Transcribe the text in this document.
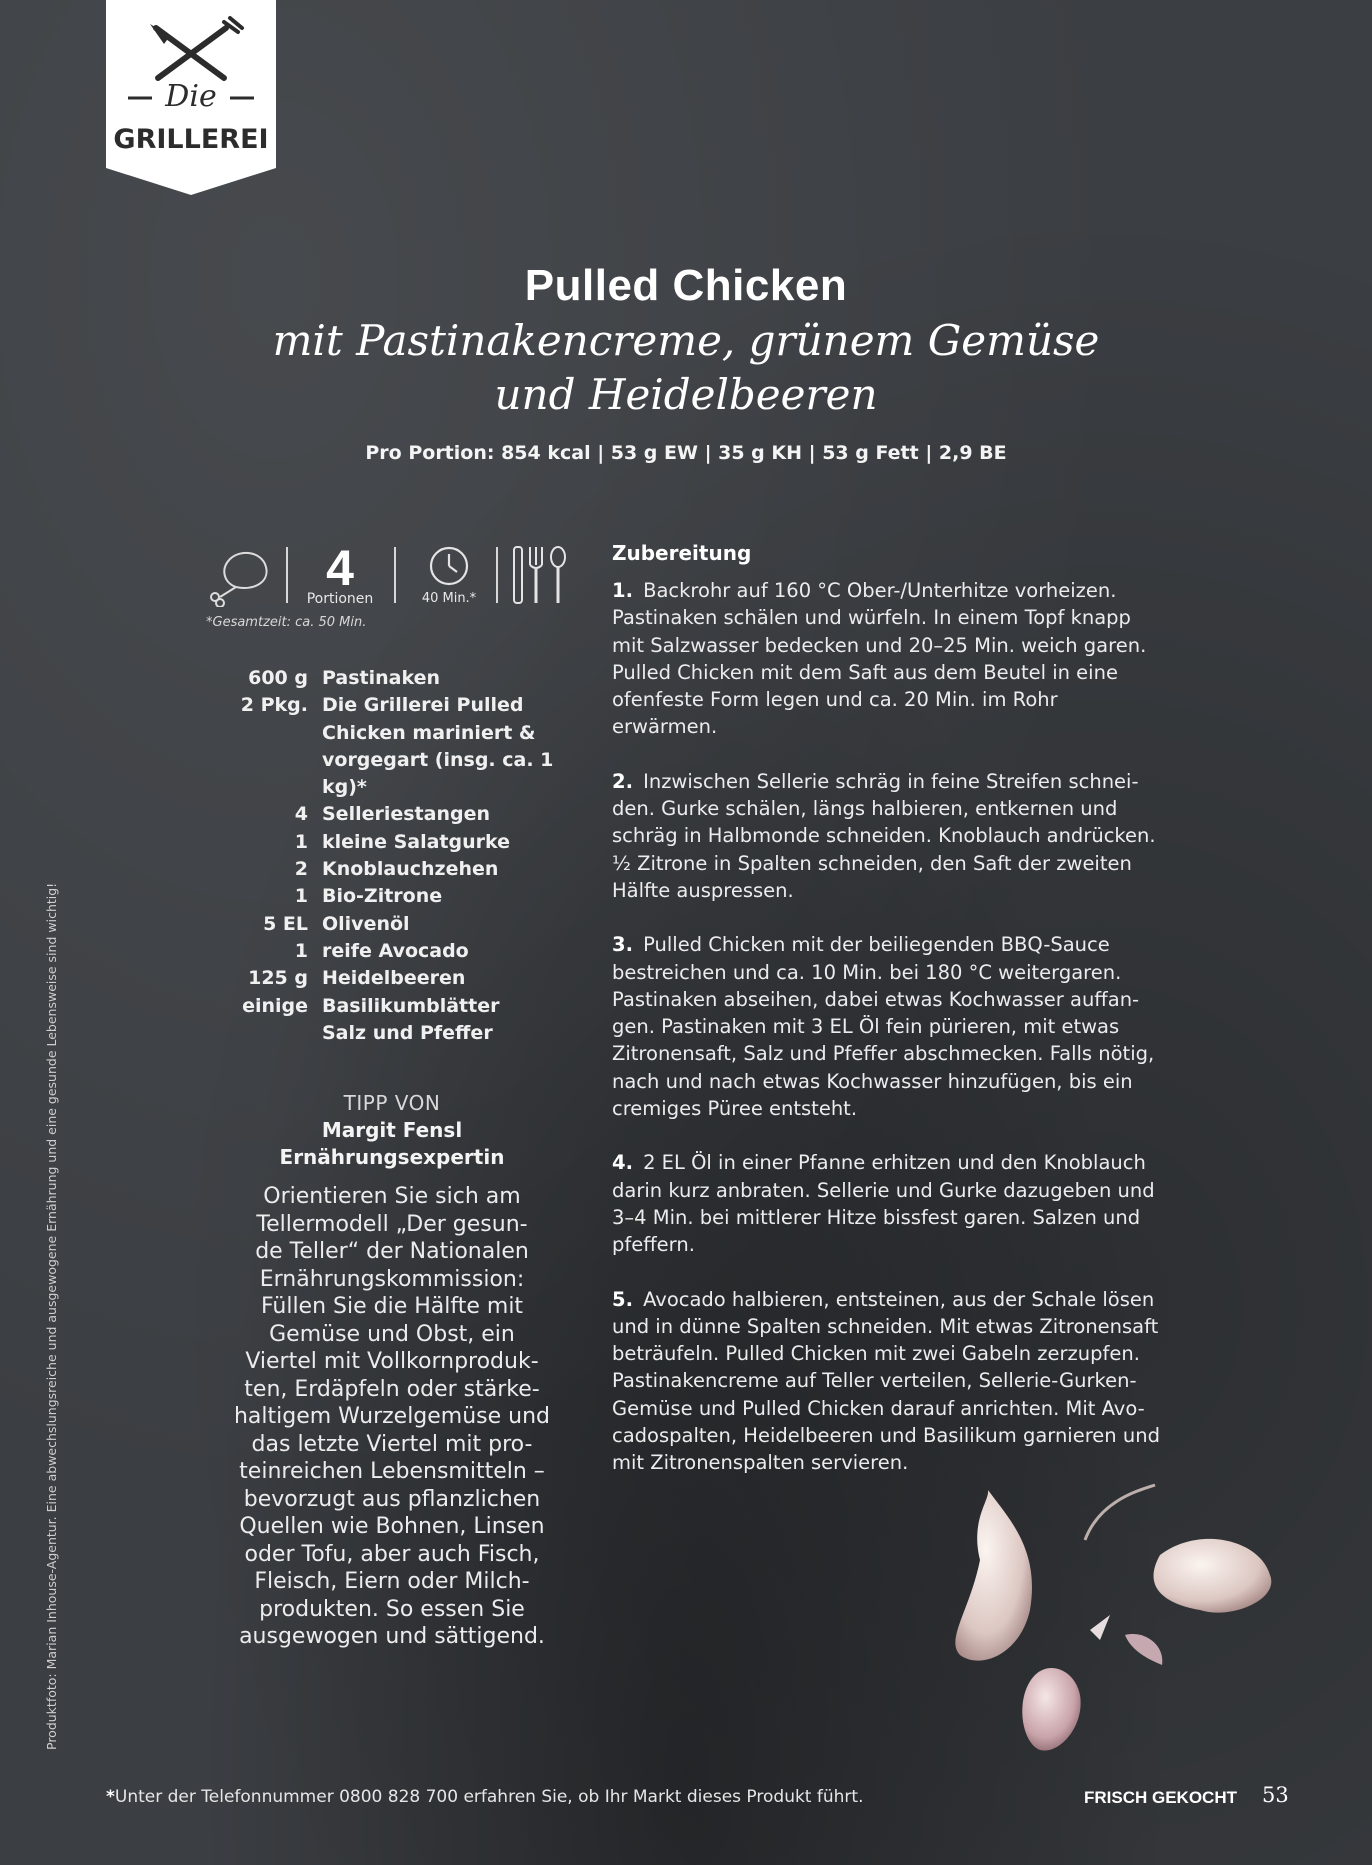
Die
GRILLEREI
Pulled Chicken
mit Pastinakencreme, grünem Gemüse
und Heidelbeeren
Pro Portion: 854 kcal | 53 g EW | 35 g KH | 53 g Fett | 2,9 BE
4
Portionen	40 Min.*
*Gesamtzeit: ca. 50 Min.
600 g Pastinaken
2 Pkg. Die Grillerei Pulled
Chicken mariniert &
vorgegart (insg. ca. 1 kg)*
4 Selleriestangen
1 kleine Salatgurke
2 Knoblauchzehen
1 Bio-Zitrone
5 EL Olivenöl
1 reife Avocado
125 g Heidelbeeren
einige Basilikumblätter
Salz und Pfeffer
TIPP VON
Margit Fensl
Ernährungsexpertin
Orientieren Sie sich am
Tellermodell „Der gesun-
de Teller“ der Nationalen
Ernährungskommission:
Füllen Sie die Hälfte mit
Gemüse und Obst, ein
Viertel mit Vollkornproduk-
ten, Erdäpfeln oder stärke-
haltigem Wurzelgemüse und
das letzte Viertel mit pro-
teinreichen Lebensmitteln –
bevorzugt aus pflanzlichen
Quellen wie Bohnen, Linsen
oder Tofu, aber auch Fisch,
Fleisch, Eiern oder Milch-
produkten. So essen Sie
ausgewogen und sättigend.
Zubereitung
1.  Backrohr auf 160 °C Ober-/Unterhitze vorheizen.
Pastinaken schälen und würfeln. In einem Topf knapp
mit Salzwasser bedecken und 20–25 Min. weich garen.
Pulled Chicken mit dem Saft aus dem Beutel in eine
ofenfeste Form legen und ca. 20 Min. im Rohr
erwärmen.
2.  Inzwischen Sellerie schräg in feine Streifen schnei-
den. Gurke schälen, längs halbieren, entkernen und
schräg in Halbmonde schneiden. Knoblauch andrücken.
½ Zitrone in Spalten schneiden, den Saft der zweiten
Hälfte auspressen.
3.  Pulled Chicken mit der beiliegenden BBQ-Sauce
bestreichen und ca. 10 Min. bei 180 °C weitergaren.
Pastinaken abseihen, dabei etwas Kochwasser auffan-
gen. Pastinaken mit 3 EL Öl fein pürieren, mit etwas
Zitronensaft, Salz und Pfeffer abschmecken. Falls nötig,
nach und nach etwas Kochwasser hinzufügen, bis ein
cremiges Püree entsteht.
4.  2 EL Öl in einer Pfanne erhitzen und den Knoblauch
darin kurz anbraten. Sellerie und Gurke dazugeben und
3–4 Min. bei mittlerer Hitze bissfest garen. Salzen und
pfeffern.
5.  Avocado halbieren, entsteinen, aus der Schale lösen
und in dünne Spalten schneiden. Mit etwas Zitronensaft
beträufeln. Pulled Chicken mit zwei Gabeln zerzupfen.
Pastinakencreme auf Teller verteilen, Sellerie-Gurken-
Gemüse und Pulled Chicken darauf anrichten. Mit Avo-
cadospalten, Heidelbeeren und Basilikum garnieren und
mit Zitronenspalten servieren.
Produktfoto: Marian Inhouse-Agentur. Eine abwechslungsreiche und ausgewogene Ernährung und eine gesunde Lebensweise sind wichtig!
*Unter der Telefonnummer 0800 828 700 erfahren Sie, ob Ihr Markt dieses Produkt führt.	FRISCH GEKOCHT 53
